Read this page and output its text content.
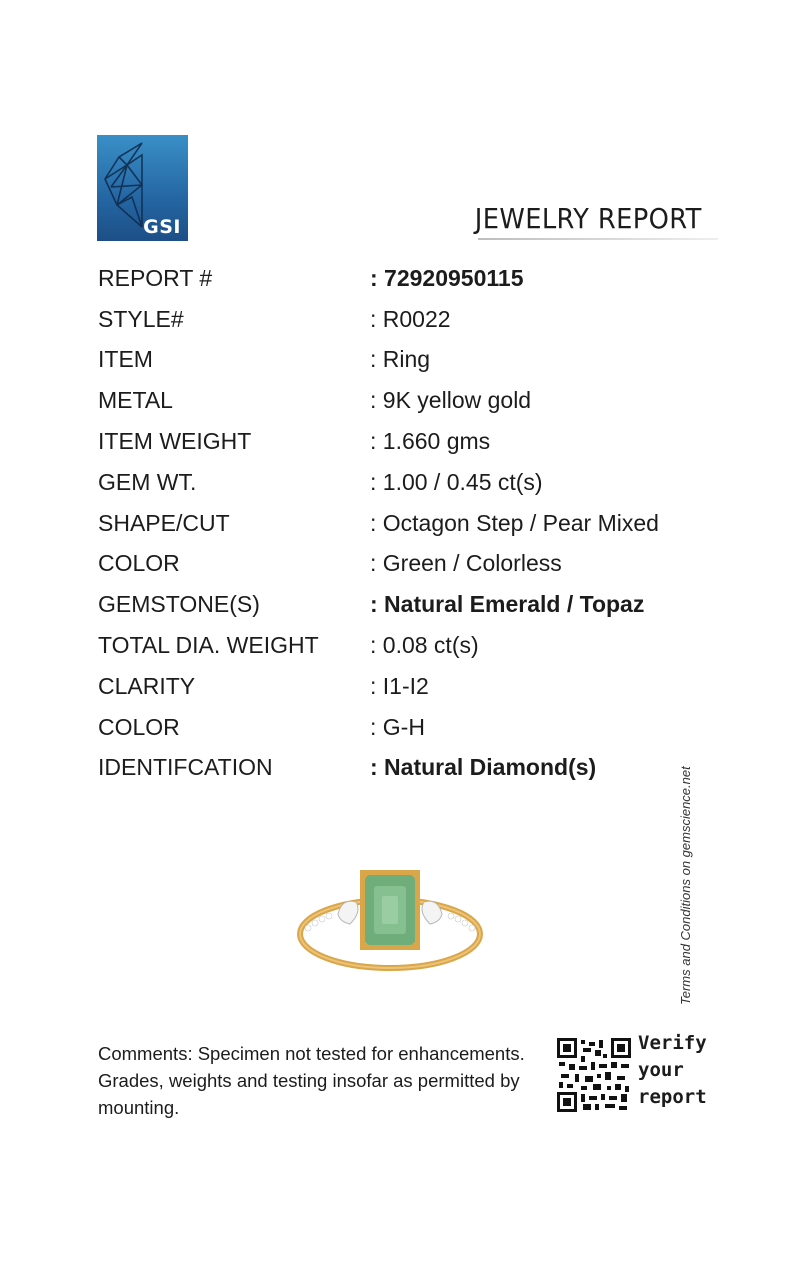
GSI	JEWELRY REPORT
REPORT #	: 72920950115
STYLE#	: R0022
ITEM	: Ring
METAL	: 9K yellow gold
ITEM WEIGHT	: 1.660 gms
GEM WT.	: 1.00 / 0.45 ct(s)
SHAPE/CUT	: Octagon Step / Pear Mixed
COLOR	: Green / Colorless
GEMSTONE(S)	: Natural Emerald / Topaz
TOTAL DIA. WEIGHT	: 0.08 ct(s)
CLARITY	: I1-I2
COLOR	: G-H
IDENTIFCATION	: Natural Diamond(s)	Terms and Conditions on gemscience.net
Comments: Specimen not tested for enhancements.
Grades, weights and testing insofar as permitted by
mounting.
Verify
your
report
